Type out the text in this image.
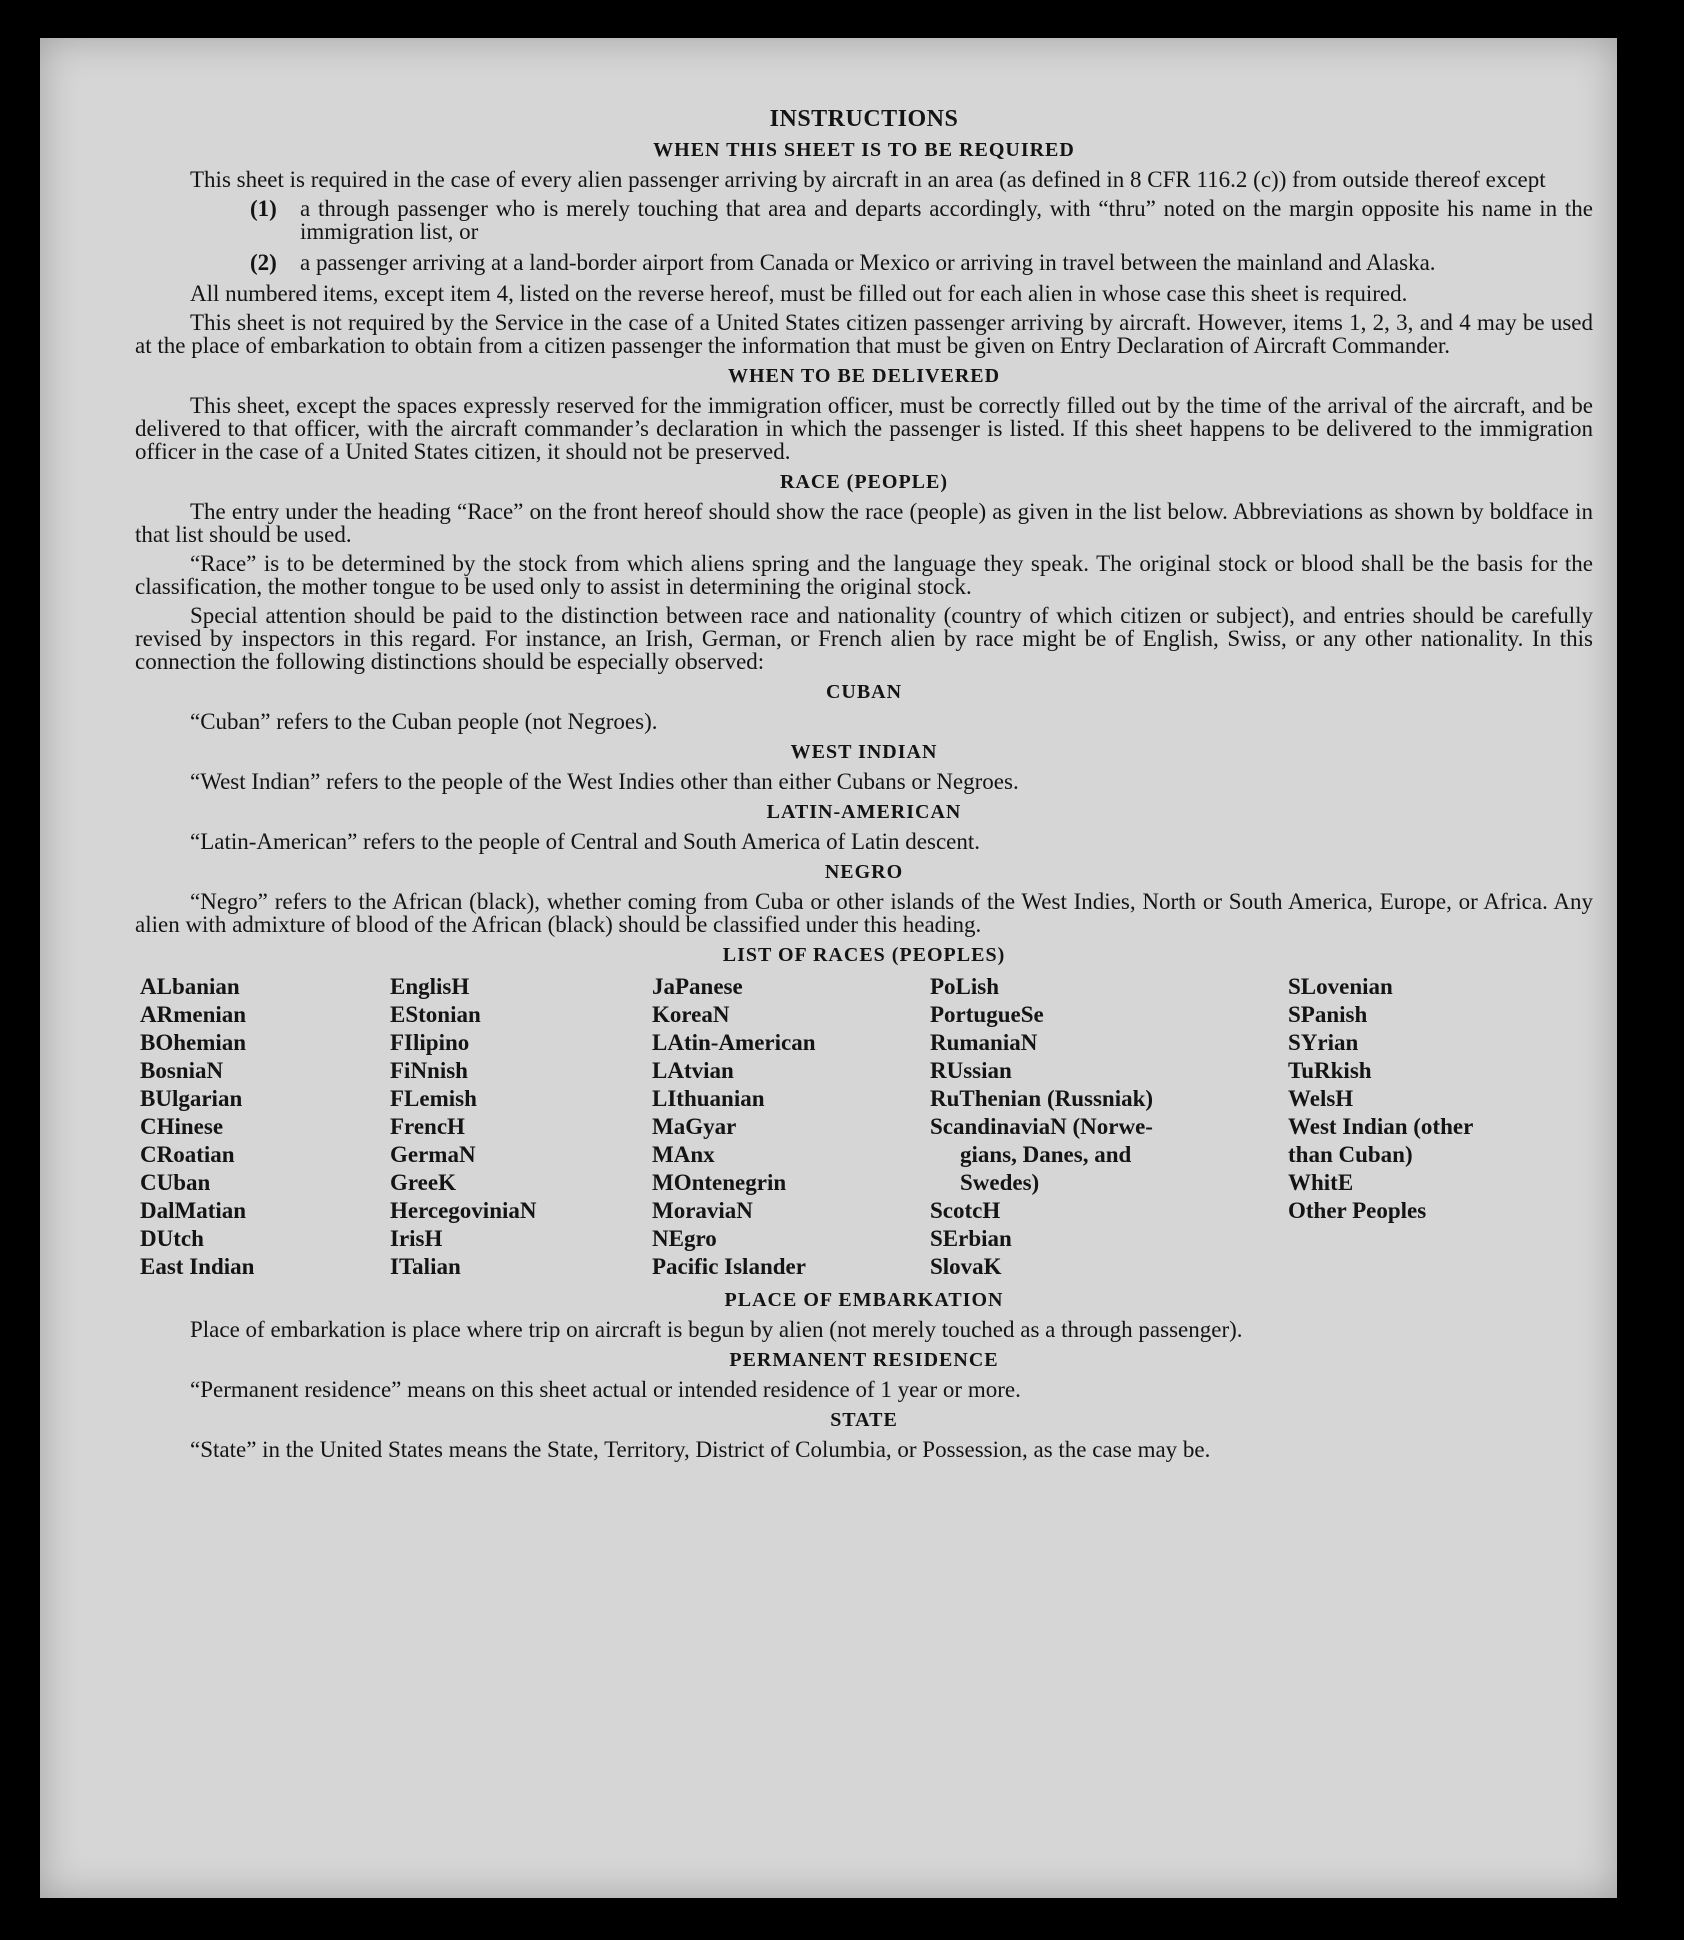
INSTRUCTIONS
WHEN THIS SHEET IS TO BE REQUIRED

This sheet is required in the case of every alien passenger arriving by aircraft in an area (as defined in 8 CFR 116.2 (c)) from outside thereof except

(1)	a through passenger who is merely touching that area and departs accordingly, with “thru” noted on the margin opposite his name in the immigration list, or
(2)	a passenger arriving at a land-border airport from Canada or Mexico or arriving in travel between the mainland and Alaska.

All numbered items, except item 4, listed on the reverse hereof, must be filled out for each alien in whose case this sheet is required.

This sheet is not required by the Service in the case of a United States citizen passenger arriving by aircraft. However, items 1, 2, 3, and 4 may be used at the place of embarkation to obtain from a citizen passenger the information that must be given on Entry Declaration of Aircraft Commander.

WHEN TO BE DELIVERED

This sheet, except the spaces expressly reserved for the immigration officer, must be correctly filled out by the time of the arrival of the aircraft, and be delivered to that officer, with the aircraft commander’s declaration in which the passenger is listed. If this sheet happens to be delivered to the immigration officer in the case of a United States citizen, it should not be preserved.

RACE (PEOPLE)

The entry under the heading “Race” on the front hereof should show the race (people) as given in the list below. Abbreviations as shown by boldface in that list should be used.

“Race” is to be determined by the stock from which aliens spring and the language they speak. The original stock or blood shall be the basis for the classification, the mother tongue to be used only to assist in determining the original stock.

Special attention should be paid to the distinction between race and nationality (country of which citizen or subject), and entries should be carefully revised by inspectors in this regard. For instance, an Irish, German, or French alien by race might be of English, Swiss, or any other nationality. In this connection the following distinctions should be especially observed:

CUBAN
“Cuban” refers to the Cuban people (not Negroes).
WEST INDIAN
“West Indian” refers to the people of the West Indies other than either Cubans or Negroes.
LATIN-AMERICAN
“Latin-American” refers to the people of Central and South America of Latin descent.
NEGRO

“Negro” refers to the African (black), whether coming from Cuba or other islands of the West Indies, North or South America, Europe, or Africa. Any alien with admixture of blood of the African (black) should be classified under this heading.

LIST OF RACES (PEOPLES)
ALbanian
ARmenian
BOhemian
BosniaN
BUlgarian
CHinese
CRoatian
CUban
DalMatian
DUtch
East Indian
EnglisH
EStonian
FIlipino
FiNnish
FLemish
FrencH
GermaN
GreeK
HercegoviniaN
IrisH
ITalian
JaPanese
KoreaN
LAtin-American
LAtvian
LIthuanian
MaGyar
MAnx
MOntenegrin
MoraviaN
NEgro
Pacific Islander
PoLish
PortugueSe
RumaniaN
RUssian
RuThenian (Russniak)
ScandinaviaN (Norwe-
gians, Danes, and
Swedes)
ScotcH
SErbian
SlovaK
SLovenian
SPanish
SYrian
TuRkish
WelsH
West Indian (other
than Cuban)
WhitE
Other Peoples
PLACE OF EMBARKATION

Place of embarkation is place where trip on aircraft is begun by alien (not merely touched as a through passenger).

PERMANENT RESIDENCE

“Permanent residence” means on this sheet actual or intended residence of 1 year or more.

STATE

“State” in the United States means the State, Territory, District of Columbia, or Possession, as the case may be.
